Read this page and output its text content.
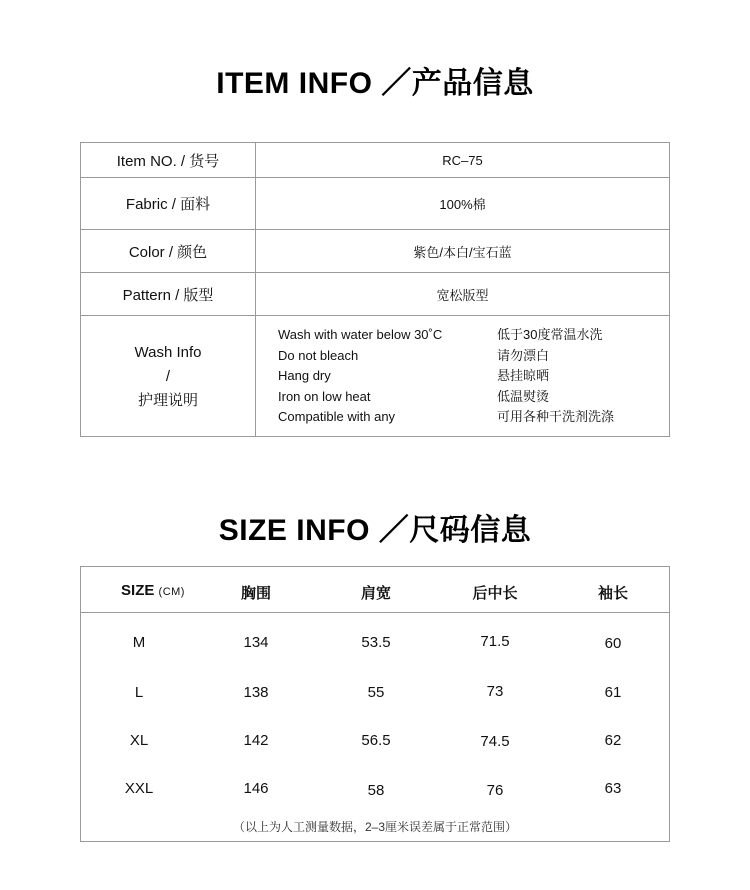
ITEM INFO ／产品信息
Item NO. / 货号	RC–75
Fabric / 面料	100%棉
Color / 颜色	紫色/本白/宝石蓝
Pattern / 版型	宽松版型
Wash Info
/
护理说明
Wash with water below 30˚C	低于30度常温水洗
Do not bleach	请勿漂白
Hang dry	悬挂晾晒
Iron on low heat	低温熨烫
Compatible with any	可用各种干洗剂洗涤
SIZE INFO ／尺码信息
SIZE (CM)	胸围	肩宽	后中长	袖长
M	134	53.5	71.5	60
L	138	55	73	61
XL	142	56.5	74.5	62
XXL	146	58	76	63
（以上为人工测量数据，2–3厘米误差属于正常范围）
